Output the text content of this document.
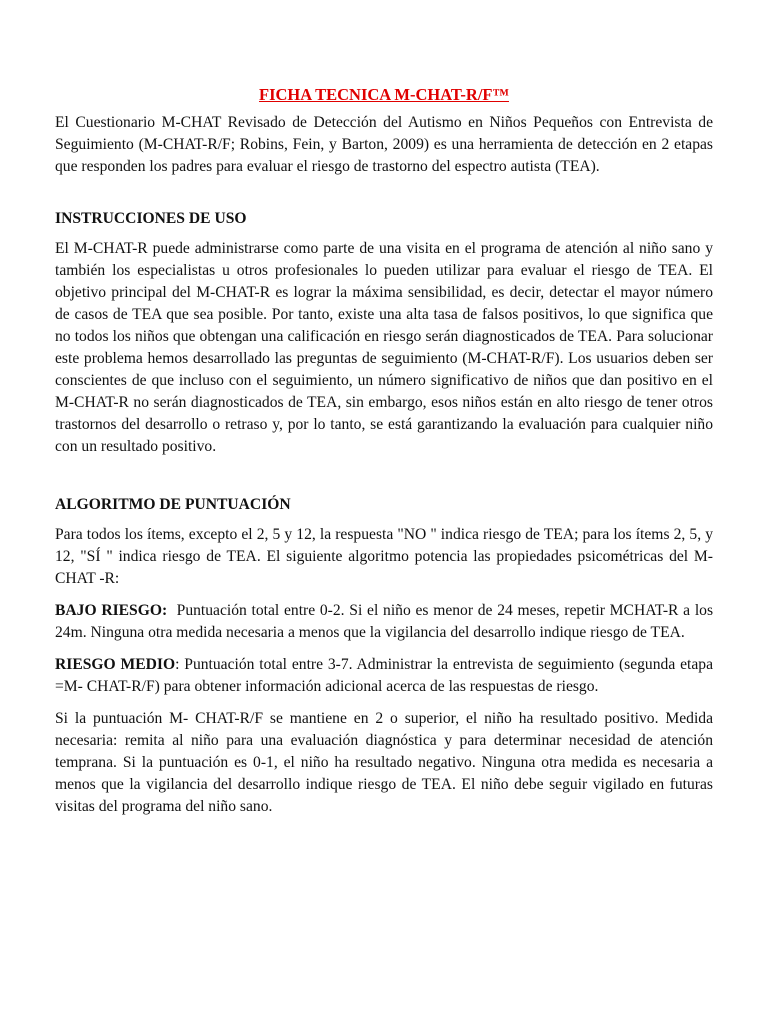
FICHA TECNICA M-CHAT-R/F™

El Cuestionario M-CHAT Revisado de Detección del Autismo en Niños Pequeños con Entrevista de Seguimiento (M-CHAT-R/F; Robins, Fein, y Barton, 2009) es una herramienta de detección en 2 etapas que responden los padres para evaluar el riesgo de trastorno del espectro autista (TEA).

INSTRUCCIONES DE USO

El M-CHAT-R puede administrarse como parte de una visita en el programa de atención al niño sano y también los especialistas u otros profesionales lo pueden utilizar para evaluar el riesgo de TEA. El objetivo principal del M-CHAT-R es lograr la máxima sensibilidad, es decir, detectar el mayor número de casos de TEA que sea posible. Por tanto, existe una alta tasa de falsos positivos, lo que significa que no todos los niños que obtengan una calificación en riesgo serán diagnosticados de TEA. Para solucionar este problema hemos desarrollado las preguntas de seguimiento (M-CHAT-R/F). Los usuarios deben ser conscientes de que incluso con el seguimiento, un número significativo de niños que dan positivo en el M-CHAT-R no serán diagnosticados de TEA, sin embargo, esos niños están en alto riesgo de tener otros trastornos del desarrollo o retraso y, por lo tanto, se está garantizando la evaluación para cualquier niño con un resultado positivo.

ALGORITMO DE PUNTUACIÓN

Para todos los ítems, excepto el 2, 5 y 12, la respuesta "NO " indica riesgo de TEA; para los ítems 2, 5, y 12, "SÍ " indica riesgo de TEA. El siguiente algoritmo potencia las propiedades psicométricas del M- CHAT -R:

BAJO RIESGO:  Puntuación total entre 0-2. Si el niño es menor de 24 meses, repetir MCHAT-R a los 24m. Ninguna otra medida necesaria a menos que la vigilancia del desarrollo indique riesgo de TEA.

RIESGO MEDIO: Puntuación total entre 3-7. Administrar la entrevista de seguimiento (segunda etapa =M- CHAT-R/F) para obtener información adicional acerca de las respuestas de riesgo.

Si la puntuación M- CHAT-R/F se mantiene en 2 o superior, el niño ha resultado positivo. Medida necesaria: remita al niño para una evaluación diagnóstica y para determinar necesidad de atención temprana. Si la puntuación es 0-1, el niño ha resultado negativo. Ninguna otra medida es necesaria a menos que la vigilancia del desarrollo indique riesgo de TEA. El niño debe seguir vigilado en futuras visitas del programa del niño sano.
